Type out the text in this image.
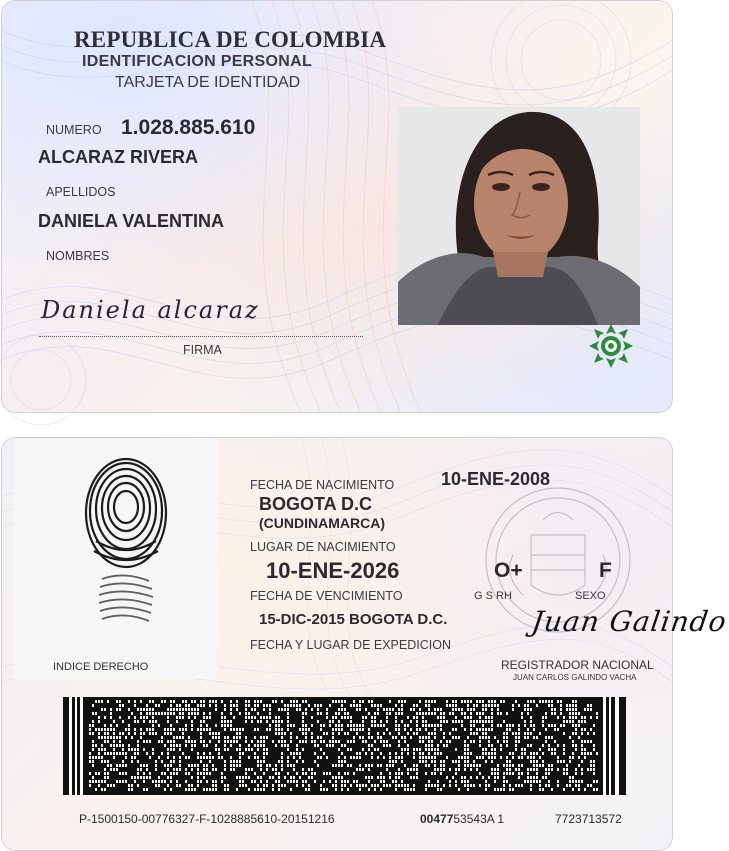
REPUBLICA DE COLOMBIA
IDENTIFICACION PERSONAL
TARJETA DE IDENTIDAD
NUMERO 1.028.885.610
ALCARAZ RIVERA
APELLIDOS
DANIELA VALENTINA
NOMBRES
Daniela alcaraz
FIRMA
INDICE DERECHO
FECHA DE NACIMIENTO	10-ENE-2008
BOGOTA D.C
(CUNDINAMARCA)
LUGAR DE NACIMIENTO
10-ENE-2026	O+	F
FECHA DE VENCIMIENTO	G S RH	SEXO
15-DIC-2015 BOGOTA D.C.
FECHA Y LUGAR DE EXPEDICION
Juan Galindo
REGISTRADOR NACIONAL
JUAN CARLOS GALINDO VACHA
P-1500150-00776327-F-1028885610-20151216	0047753543A 1	7723713572
